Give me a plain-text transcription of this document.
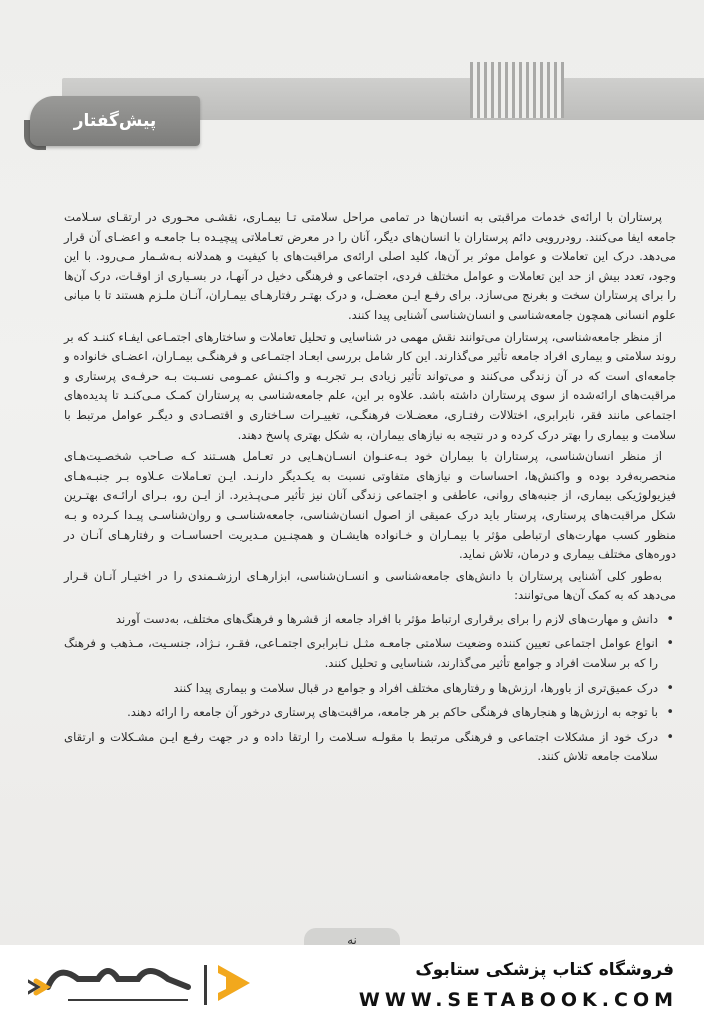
پیش‌گفتار

پرستاران با ارائه‌ی خدمات مراقبتی به انسان‌ها در تمامی مراحل سلامتی تـا بیمـاری، نقشـی محـوری در ارتقـای سـلامت جامعه ایفا می‌کنند. رودررویی دائم پرستاران با انسان‌های دیگر، آنان را در معرض تعـاملاتی پیچیـده بـا جامعـه و اعضـای آن قرار می‌دهد. درک این تعاملات و عوامل موثر بر آن‌ها، کلید اصلی ارائه‌ی مراقبت‌های با کیفیت و همدلانه بـه‌شـمار مـی‌رود. با این وجود، تعدد بیش از حد این تعاملات و عوامل مختلف فردی، اجتماعی و فرهنگی دخیل در آنهـا، در بسـیاری از اوقـات، درک آن‌ها را برای پرستاران سخت و بغرنج می‌سازد. برای رفـع ایـن معضـل، و درک بهتـر رفتارهـای بیمـاران، آنـان ملـزم هستند تا با مبانی علوم انسانی همچون جامعه‌شناسی و انسان‌شناسی آشنایی پیدا کنند.

از منظر جامعه‌شناسی، پرستاران می‌توانند نقش مهمی در شناسایی و تحلیل تعاملات و ساختارهای اجتمـاعی ایفـاء کننـد که بر روند سلامتی و بیماری افراد جامعه تأثیر می‌گذارند. این کار شامل بررسی ابعـاد اجتمـاعی و فرهنگـی بیمـاران، اعضـای خانواده و جامعه‌ای است که در آن زندگی می‌کنند و می‌تواند تأثیر زیادی بـر تجربـه و واکـنش عمـومی نسـبت بـه حرفـه‌ی پرستاری و مراقبت‌های ارائه‌شده از سوی پرستاران داشته باشد. علاوه بر این، علم جامعه‌شناسی به پرستاران کمـک مـی‌کنـد تا پدیده‌های اجتماعی مانند فقر، نابرابری، اختلالات رفتـاری، معضـلات فرهنگـی، تغییـرات سـاختاری و اقتصـادی و دیگـر عوامل مرتبط با سلامت و بیماری را بهتر درک کرده و در نتیجه به نیازهای بیماران، به شکل بهتری پاسخ دهند.

از منظر انسان‌شناسی، پرستاران با بیماران خود بـه‌عنـوان انسـان‌هـایی در تعـامل هسـتند کـه صـاحب شخصـیت‌هـای منحصربه‌فرد بوده و واکنش‌ها، احساسات و نیازهای متفاوتی نسبت به یکـدیگر دارنـد. ایـن تعـاملات عـلاوه بـر جنبـه‌هـای فیزیولوژیکی بیماری، از جنبه‌های روانی، عاطفی و اجتماعی زندگی آنان نیز تأثیر مـی‌پـذیرد. از ایـن رو، بـرای ارائـه‌ی بهتـرین شکل مراقبت‌های پرستاری، پرستار باید درک عمیقی از اصول انسان‌شناسی، جامعه‌شناسـی و روان‌شناسـی پیـدا کـرده و بـه منظور کسب مهارت‌های ارتباطی مؤثر با بیمـاران و خـانواده هایشـان و همچنـین مـدیریت احساسـات و رفتارهـای آنـان در دوره‌های مختلف بیماری و درمان، تلاش نماید.

به‌طور کلی آشنایی پرستاران با دانش‌های جامعه‌شناسی و انسـان‌شناسی، ابزارهـای ارزشـمندی را در اختیـار آنـان قـرار می‌دهد که به کمک آن‌ها می‌توانند:

• دانش و مهارت‌های لازم را برای برقراری ارتباط مؤثر با افراد جامعه از قشرها و فرهنگ‌های مختلف، به‌دست آورند
• انواع عوامل اجتماعی تعیین کننده وضعیت سلامتی جامعـه مثـل نـابرابری اجتمـاعی، فقـر، نـژاد، جنسـیت، مـذهب و فرهنگ را که بر سلامت افراد و جوامع تأثیر می‌گذارند، شناسایی و تحلیل کنند.
• درک عمیق‌تری از باورها، ارزش‌ها و رفتارهای مختلف افراد و جوامع در قبال سلامت و بیماری پیدا کنند
• با توجه به ارزش‌ها و هنجارهای فرهنگی حاکم بر هر جامعه، مراقبت‌های پرستاری درخور آن جامعه را ارائه دهند.
• درک خود از مشکلات اجتماعی و فرهنگی مرتبط با مقولـه سـلامت را ارتقا داده و در جهت رفـع ایـن مشـکلات و ارتقای سلامت جامعه تلاش کنند.
نه
فروشگاه کتاب پزشکی ستابوک
WWW.SETABOOK.COM
